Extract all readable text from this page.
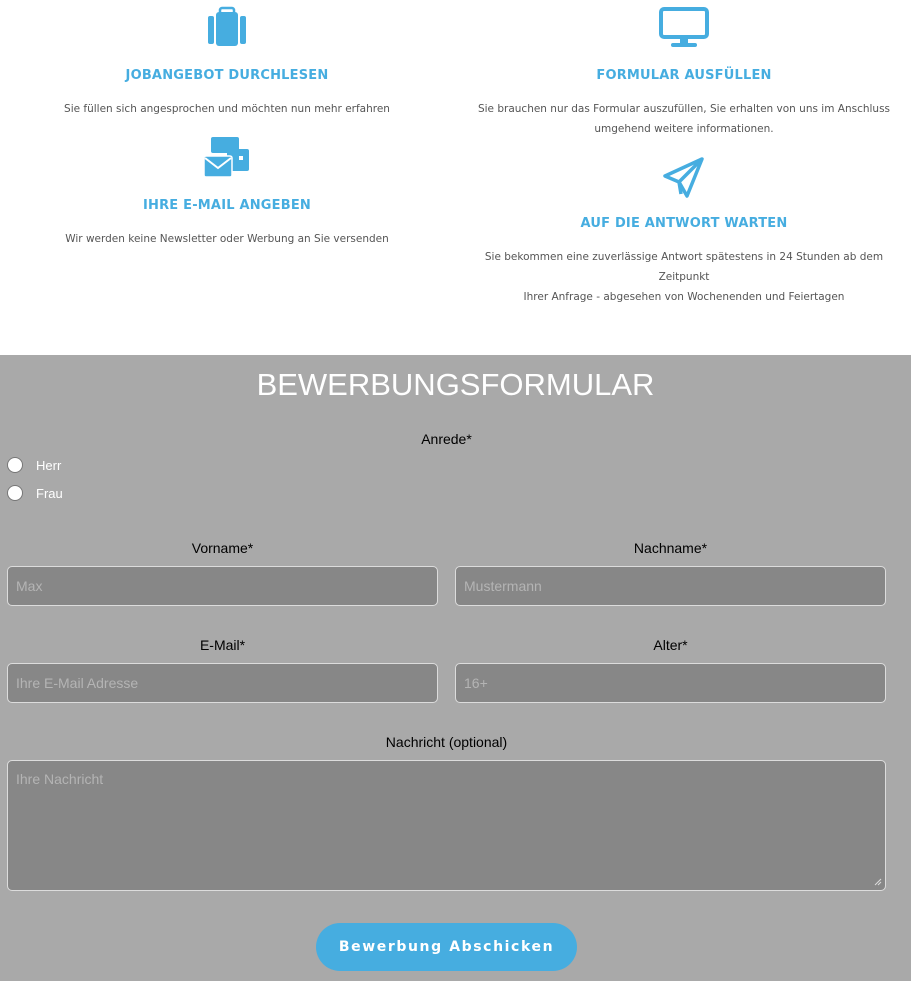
JOBANGEBOT DURCHLESEN

Sie füllen sich angesprochen und möchten nun mehr erfahren

FORMULAR AUSFÜLLEN

Sie brauchen nur das Formular auszufüllen, Sie erhalten von uns im Anschluss

umgehend weitere informationen.

IHRE E-MAIL ANGEBEN

Wir werden keine Newsletter oder Werbung an Sie versenden

AUF DIE ANTWORT WARTEN

Sie bekommen eine zuverlässige Antwort spätestens in 24 Stunden ab dem Zeitpunkt

Ihrer Anfrage - abgesehen von Wochenenden und Feiertagen

BEWERBUNGSFORMULAR
Anrede*
Herr
Frau
Vorname*
Max	Nachname*
Mustermann
E-Mail*
Ihre E-Mail Adresse	Alter*
16+
Nachricht (optional)
Ihre Nachricht
Bewerbung Abschicken
